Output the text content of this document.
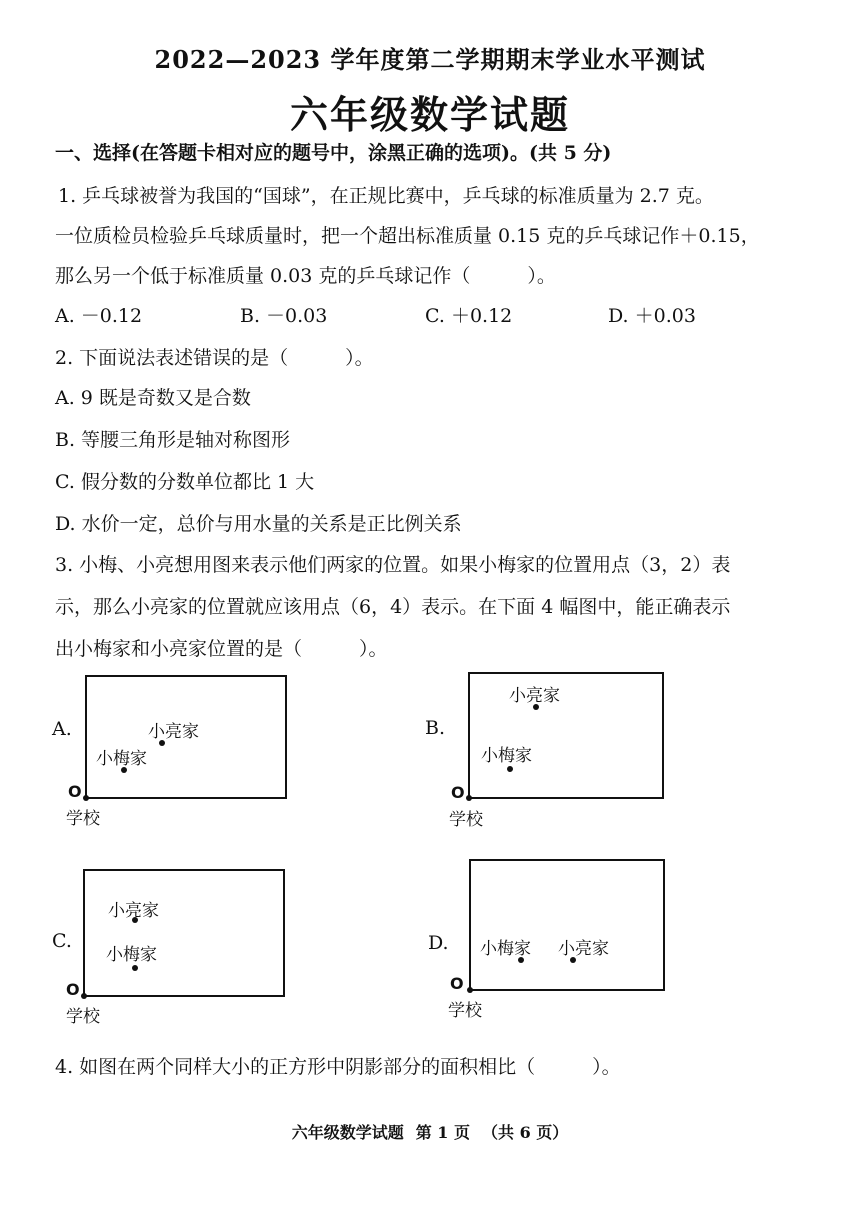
2022—2023 学年度第二学期期末学业水平测试
六年级数学试题
一、选择(在答题卡相对应的题号中，涂黑正确的选项)。(共 5 分)
1. 乒乓球被誉为我国的“国球”，在正规比赛中，乒乓球的标准质量为 2.7 克。
一位质检员检验乒乓球质量时，把一个超出标准质量 0.15 克的乒乓球记作＋0.15，
那么另一个低于标准质量 0.03 克的乒乓球记作（　　　）。
A. －0.12	B. －0.03	C. ＋0.12	D. ＋0.03
2. 下面说法表述错误的是（　　　）。
A. 9 既是奇数又是合数
B. 等腰三角形是轴对称图形
C. 假分数的分数单位都比 1 大
D. 水价一定，总价与用水量的关系是正比例关系
3. 小梅、小亮想用图来表示他们两家的位置。如果小梅家的位置用点（3，2）表
示，那么小亮家的位置就应该用点（6，4）表示。在下面 4 幅图中，能正确表示
出小梅家和小亮家位置的是（　　　）。
A.
小梅家
小亮家
O
学校
B.
小梅家
小亮家
O
学校
C.
小梅家
小亮家
O
学校
D. 小梅家 小亮家
O
学校
4. 如图在两个同样大小的正方形中阴影部分的面积相比（　　　）。
六年级数学试题 第 1 页 （共 6 页）
